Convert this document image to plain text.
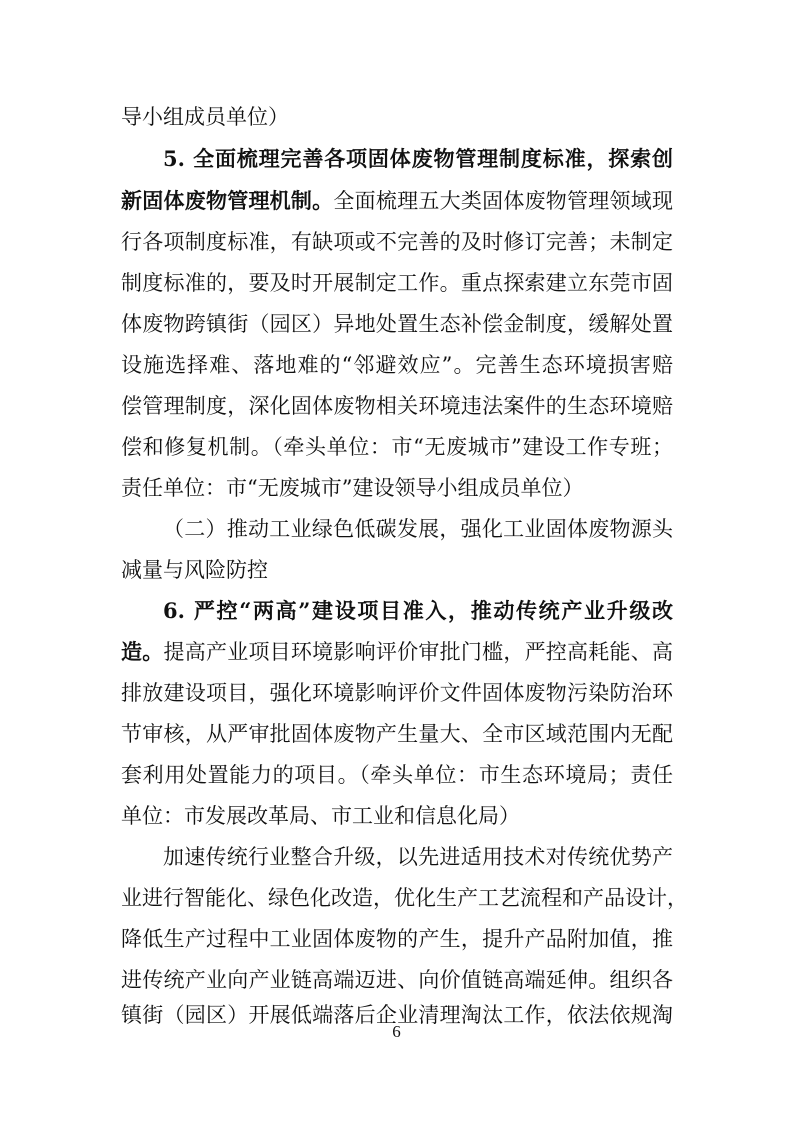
导小组成员单位）
5. 全面梳理完善各项固体废物管理制度标准，探索创
新固体废物管理机制。全面梳理五大类固体废物管理领域现
行各项制度标准，有缺项或不完善的及时修订完善；未制定
制度标准的，要及时开展制定工作。重点探索建立东莞市固
体废物跨镇街（园区）异地处置生态补偿金制度，缓解处置
设施选择难、落地难的“邻避效应”。完善生态环境损害赔
偿管理制度，深化固体废物相关环境违法案件的生态环境赔
偿和修复机制。（牵头单位：市“无废城市”建设工作专班；
责任单位：市“无废城市”建设领导小组成员单位）
（二）推动工业绿色低碳发展，强化工业固体废物源头
减量与风险防控
6. 严控“两高”建设项目准入，推动传统产业升级改
造。提高产业项目环境影响评价审批门槛，严控高耗能、高
排放建设项目，强化环境影响评价文件固体废物污染防治环
节审核，从严审批固体废物产生量大、全市区域范围内无配
套利用处置能力的项目。（牵头单位：市生态环境局；责任
单位：市发展改革局、市工业和信息化局）
加速传统行业整合升级，以先进适用技术对传统优势产
业进行智能化、绿色化改造，优化生产工艺流程和产品设计，
降低生产过程中工业固体废物的产生，提升产品附加值，推
进传统产业向产业链高端迈进、向价值链高端延伸。组织各
镇街（园区）开展低端落后企业清理淘汰工作，依法依规淘
6
